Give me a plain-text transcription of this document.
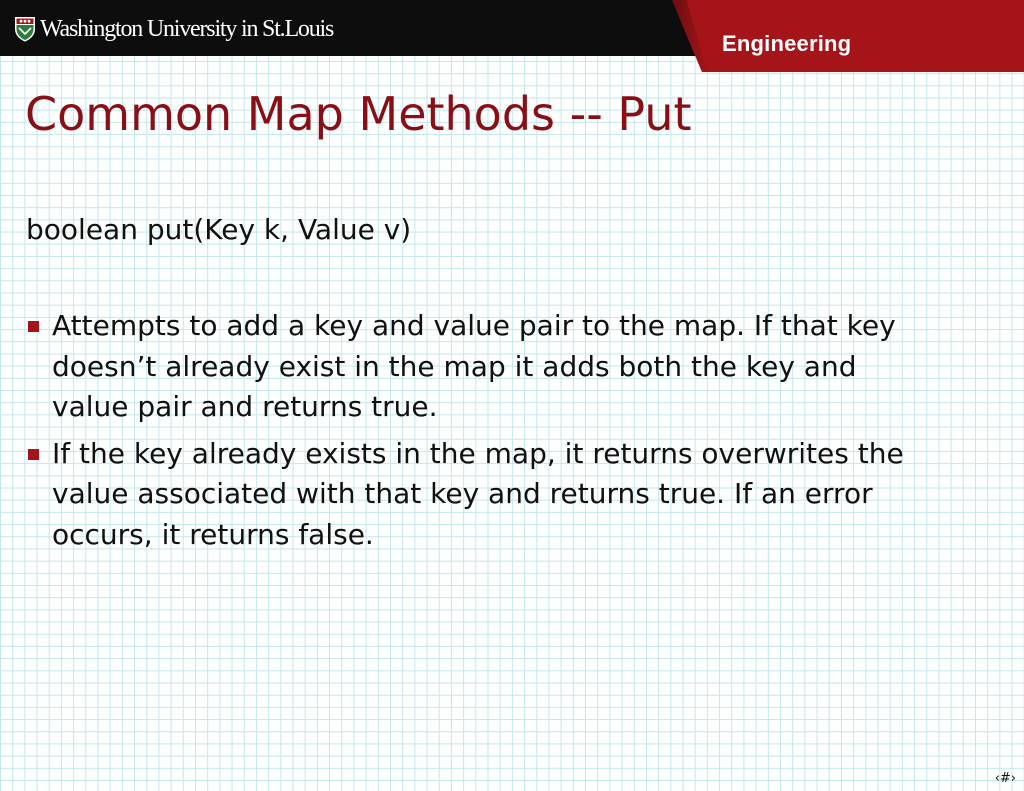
Washington University in St.Louis
Engineering
Common Map Methods -- Put
boolean put(Key k, Value v)
Attempts to add a key and value pair to the map. If that key doesn’t already exist in the map it adds both the key and value pair and returns true.
If the key already exists in the map, it returns overwrites the value associated with that key and returns true. If an error occurs, it returns false.
‹#›
